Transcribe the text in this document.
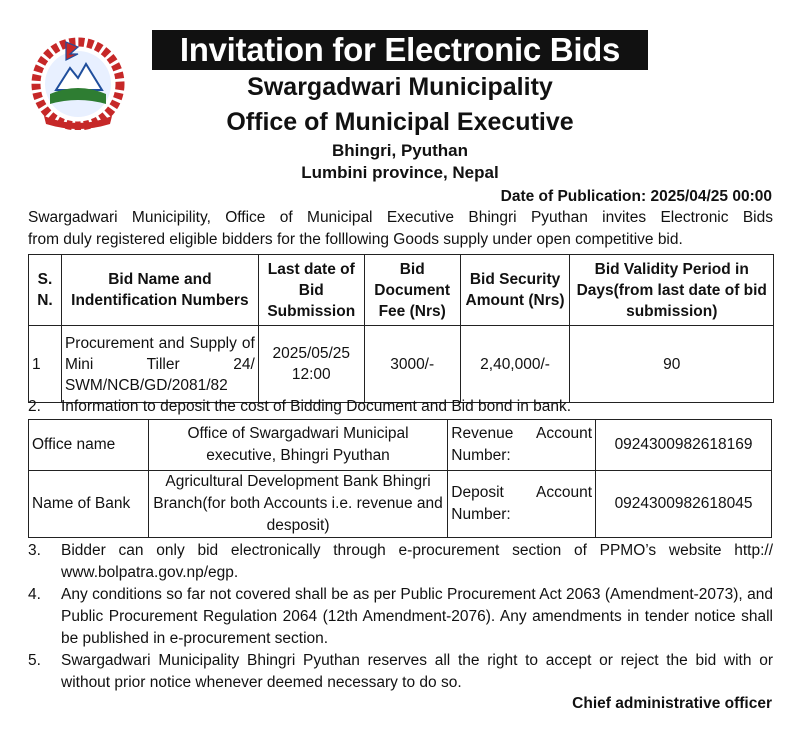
Invitation for Electronic Bids
Swargadwari Municipality
Office of Municipal Executive
Bhingri, Pyuthan
Lumbini province, Nepal
Date of Publication: 2025/04/25 00:00
Swargadwari Municipility, Office of Municipal Executive Bhingri Pyuthan invites Electronic Bids
from duly registered eligible bidders for the folllowing Goods supply under open competitive bid.
S. N.	Bid Name and Indentification Numbers	Last date of Bid Submission	Bid Document Fee (Nrs)	Bid Security Amount (Nrs)	Bid Validity Period in Days(from last date of bid submission)
1	Procurement and Supply of Mini Tiller 24/ SWM/NCB/GD/2081/82	2025/05/25 12:00	3000/-	2,40,000/-	90
2. Information to deposit the cost of Bidding Document and Bid bond in bank.
Office name	Office of Swargadwari Municipal executive, Bhingri Pyuthan	Revenue Account Number:	0924300982618169
Name of Bank	Agricultural Development Bank Bhingri Branch(for both Accounts i.e. revenue and desposit)	Deposit Account Number:	0924300982618045

3. Bidder can only bid electronically through e-procurement section of PPMO’s website http:// www.bolpatra.gov.np/egp.

4. Any conditions so far not covered shall be as per Public Procurement Act 2063 (Amendment-2073), and Public Procurement Regulation 2064 (12th Amendment-2076). Any amendments in tender notice shall be published in e-procurement section.

5. Swargadwari Municipality Bhingri Pyuthan reserves all the right to accept or reject the bid with or without prior notice whenever deemed necessary to do so.

Chief administrative officer
